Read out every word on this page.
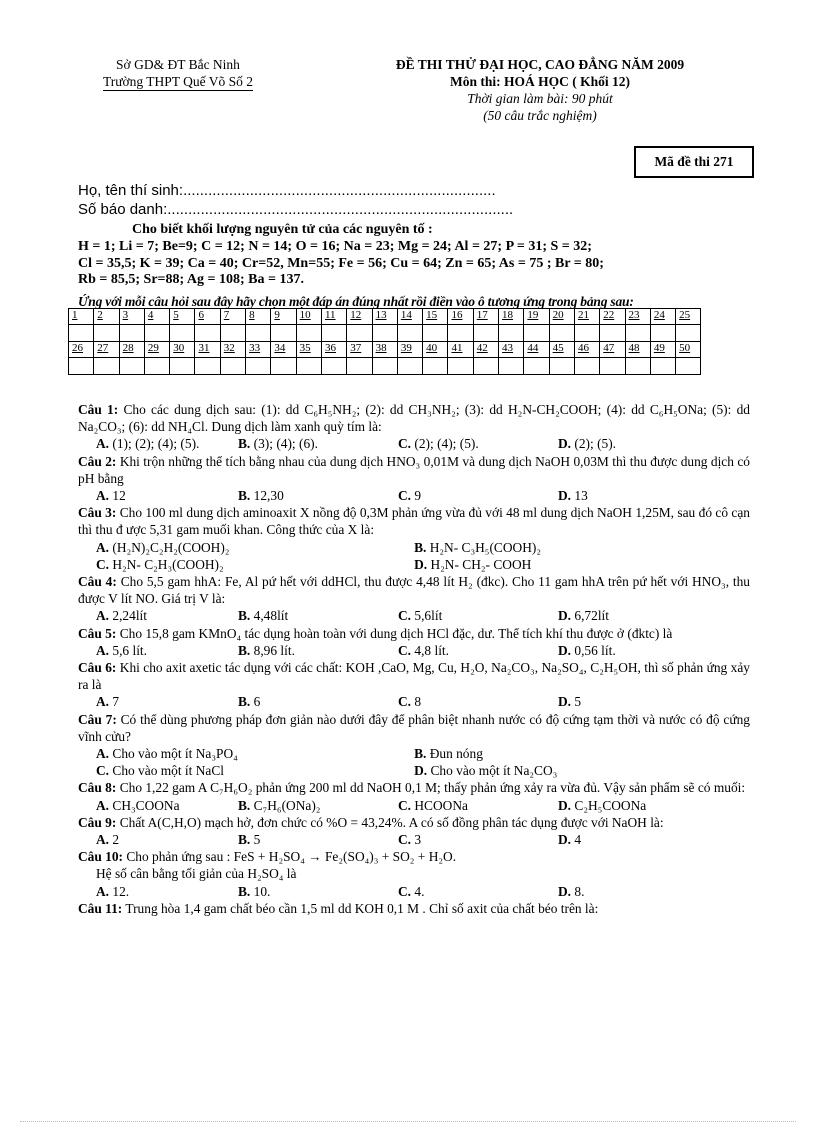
Sở GD& ĐT Bắc Ninh
Trường THPT Quế Võ Số 2
ĐỀ THI THỬ ĐẠI HỌC, CAO ĐẲNG NĂM 2009
Môn thi: HOÁ HỌC ( Khối 12)
Thời gian làm bài: 90 phút
(50 câu trắc nghiệm)
Mã đề thi 271
Họ, tên thí sinh:...........................................................................
Số báo danh:...................................................................................
Cho biết khối lượng nguyên tử của các nguyên tố :
H = 1; Li = 7; Be=9; C = 12; N = 14; O = 16; Na = 23; Mg = 24; Al = 27; P = 31; S = 32;
Cl = 35,5; K = 39; Ca = 40; Cr=52, Mn=55; Fe = 56; Cu = 64; Zn = 65; As = 75 ; Br = 80;
Rb = 85,5; Sr=88; Ag = 108; Ba = 137.
Ứng với mỗi câu hỏi sau đây hãy chọn một đáp án đúng nhất rồi điền vào ô tương ứng trong bảng sau:
1	2	3	4	5	6	7	8	9	10	11	12	13	14	15	16	17	18	19	20	21	22	23	24	25

26	27	28	29	30	31	32	33	34	35	36	37	38	39	40	41	42	43	44	45	46	47	48	49	50

Câu 1: Cho các dung dịch sau: (1): dd C₆H₅NH₂; (2): dd CH₃NH₂; (3): dd H₂N-CH₂COOH; (4): dd C₆H₅ONa; (5): dd Na₂CO₃; (6): dd NH₄Cl. Dung dịch làm xanh quỳ tím là:
A. (1); (2); (4); (5).	B. (3); (4); (6).	C. (2); (4); (5).	D. (2); (5).
Câu 2: Khi trộn những thể tích bằng nhau của dung dịch HNO₃ 0,01M và dung dịch NaOH 0,03M thì thu được dung dịch có pH bằng
A. 12	B. 12,30	C. 9	D. 13
Câu 3: Cho 100 ml dung dịch aminoaxit X nồng độ 0,3M phản ứng vừa đủ với 48 ml dung dịch NaOH 1,25M, sau đó cô cạn thì thu đ ược 5,31 gam muối khan. Công thức của X là:
A. (H₂N)₂C₂H₂(COOH)₂	B. H₂N- C₃H₅(COOH)₂
C. H₂N- C₂H₃(COOH)₂	D. H₂N- CH₂- COOH
Câu 4: Cho 5,5 gam hhA: Fe, Al pứ hết với ddHCl, thu được 4,48 lít H₂ (đkc). Cho 11 gam hhA trên pứ hết với HNO₃, thu được V lít NO. Giá trị V là:
A. 2,24lít	B. 4,48lít	C. 5,6lít	D. 6,72lít
Câu 5: Cho 15,8 gam KMnO₄ tác dụng hoàn toàn với dung dịch HCl đặc, dư. Thể tích khí thu được ở (đktc) là
A. 5,6 lít.	B. 8,96 lít.	C. 4,8 lít.	D. 0,56 lít.
Câu 6: Khi cho axit axetic tác dụng với các chất: KOH ,CaO, Mg, Cu, H₂O, Na₂CO₃, Na₂SO₄, C₂H₅OH, thì số phản ứng xảy ra là
A. 7	B. 6	C. 8	D. 5
Câu 7: Có thể dùng phương pháp đơn giản nào dưới đây để phân biệt nhanh nước có độ cứng tạm thời và nước có độ cứng vĩnh cửu?
A. Cho vào một ít Na₃PO₄	B. Đun nóng
C. Cho vào một ít NaCl	D. Cho vào một ít Na₂CO₃
Câu 8: Cho 1,22 gam A C₇H₆O₂ phản ứng 200 ml dd NaOH 0,1 M; thấy phản ứng xảy ra vừa đủ. Vậy sản phẩm sẽ có muối:
A. CH₃COONa	B. C₇H₆(ONa)₂	C. HCOONa	D. C₂H₅COONa
Câu 9: Chất A(C,H,O) mạch hở, đơn chức có %O = 43,24%. A có số đồng phân tác dụng được với NaOH là:
A. 2	B. 5	C. 3	D. 4
Câu 10: Cho phản ứng sau : FeS + H₂SO₄ → Fe₂(SO₄)₃ + SO₂ + H₂O.
Hệ số cân bằng tối giản của H₂SO₄ là
A. 12.	B. 10.	C. 4.	D. 8.
Câu 11: Trung hòa 1,4 gam chất béo cần 1,5 ml dd KOH 0,1 M . Chỉ số axit của chất béo trên là:
